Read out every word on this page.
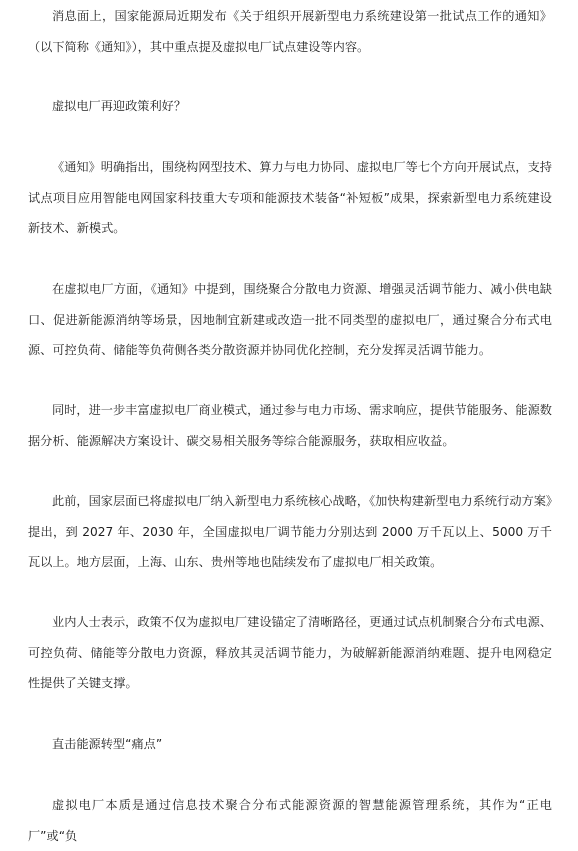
消息面上，国家能源局近期发布《关于组织开展新型电力系统建设第一批试点工作的通知》（以下简称《通知》），其中重点提及虚拟电厂试点建设等内容。

虚拟电厂再迎政策利好？

《通知》明确指出，围绕构网型技术、算力与电力协同、虚拟电厂等七个方向开展试点，支持试点项目应用智能电网国家科技重大专项和能源技术装备“补短板”成果，探索新型电力系统建设新技术、新模式。

在虚拟电厂方面，《通知》中提到，围绕聚合分散电力资源、增强灵活调节能力、减小供电缺口、促进新能源消纳等场景，因地制宜新建或改造一批不同类型的虚拟电厂，通过聚合分布式电源、可控负荷、储能等负荷侧各类分散资源并协同优化控制，充分发挥灵活调节能力。

同时，进一步丰富虚拟电厂商业模式，通过参与电力市场、需求响应，提供节能服务、能源数据分析、能源解决方案设计、碳交易相关服务等综合能源服务，获取相应收益。

此前，国家层面已将虚拟电厂纳入新型电力系统核心战略，《加快构建新型电力系统行动方案》提出，到 2027 年、2030 年，全国虚拟电厂调节能力分别达到 2000 万千瓦以上、5000 万千瓦以上。地方层面，上海、山东、贵州等地也陆续发布了虚拟电厂相关政策。

业内人士表示，政策不仅为虚拟电厂建设锚定了清晰路径，更通过试点机制聚合分布式电源、可控负荷、储能等分散电力资源，释放其灵活调节能力，为破解新能源消纳难题、提升电网稳定性提供了关键支撑。

直击能源转型“痛点”

虚拟电厂本质是通过信息技术聚合分布式能源资源的智慧能源管理系统，其作为“正电厂”或“负
